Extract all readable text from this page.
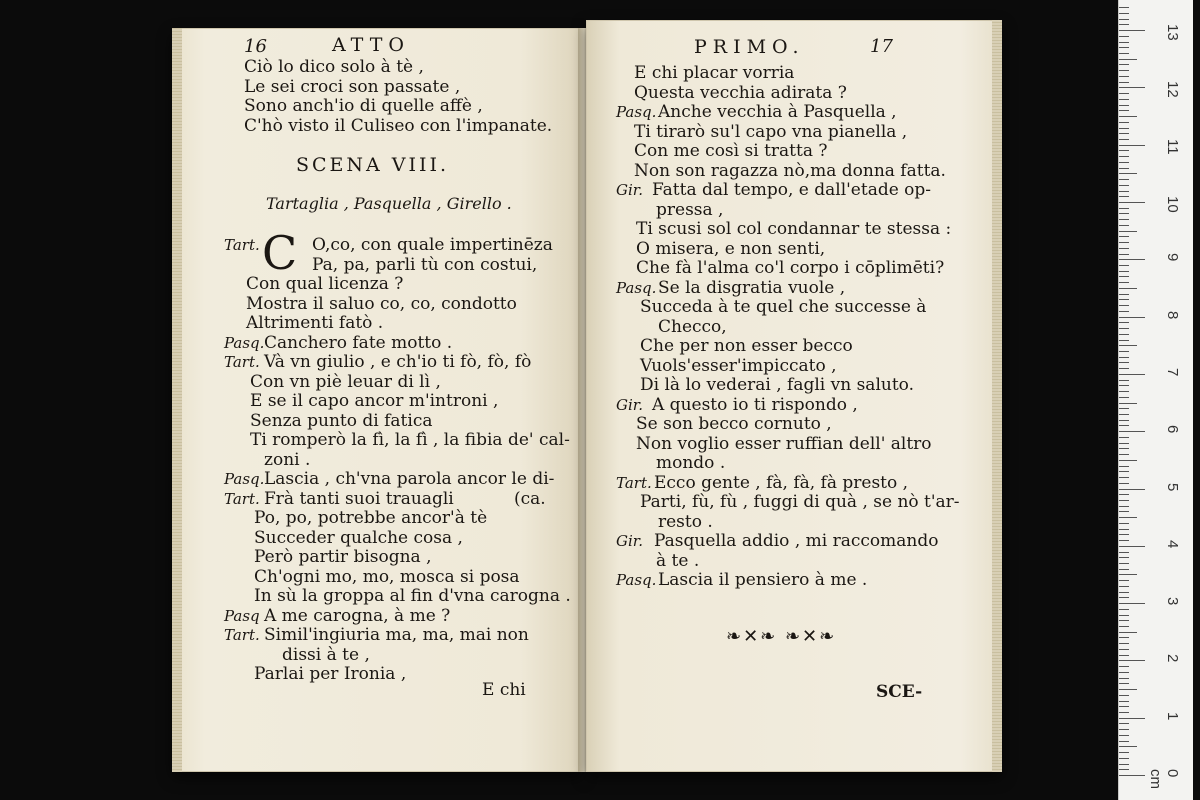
16	ATTO
Ciò lo dico solo à tè ,
Le sei croci son passate ,
Sono anch'io di quelle affè ,
C'hò visto il Culiseo con l'impanate.
SCENA VIII.
Tartaglia , Pasquella , Girello .
C
Tart.	O,co, con quale impertinēza
Pa, pa, parli tù con costui,
Con qual licenza ?
Mostra il saluo co, co, condotto
Altrimenti fatò .
Pasq. Canchero fate motto .
Tart. Và vn giulio , e ch'io ti fò, fò, fò
Con vn piè leuar di lì ,
E se il capo ancor m'introni ,
Senza punto di fatica
Ti romperò la fì, la fì , la fibia de' cal-
zoni .
Pasq. Lascia , ch'vna parola ancor le di-
Tart. Frà tanti suoi trauagli	(ca.
Po, po, potrebbe ancor'à tè
Succeder qualche cosa ,
Però partir bisogna ,
Ch'ogni mo, mo, mosca si posa
In sù la groppa al fin d'vna carogna .
Pasq A me carogna, à me ?
Tart. Simil'ingiuria ma, ma, mai non
dissi à te ,
Parlai per Ironia ,
E chi
PRIMO.	17
E chi placar vorria
Questa vecchia adirata ?
Pasq. Anche vecchia à Pasquella ,
Ti tirarò su'l capo vna pianella ,
Con me così si tratta ?
Non son ragazza nò,ma donna fatta.
Gir. Fatta dal tempo, e dall'etade op-
pressa ,
Ti scusi sol col condannar te stessa :
O misera, e non senti,
Che fà l'alma co'l corpo i cōplimēti?
Pasq. Se la disgratia vuole ,
Succeda à te quel che successe à
Checco,
Che per non esser becco
Vuols'esser'impiccato ,
Di là lo vederai , fagli vn saluto.
Gir. A questo io ti rispondo ,
Se son becco cornuto ,
Non voglio esser ruffian dell' altro
mondo .
Tart. Ecco gente , fà, fà, fà presto ,
Parti, fù, fù , fuggi di quà , se nò t'ar-
resto .
Gir. Pasquella addio , mi raccomando
à te .
Pasq. Lascia il pensiero à me .
❧✕❧ ❧✕❧
SCE-
0 cm
1
2
3
4
5
6
7
8
9
10
11
12
13
